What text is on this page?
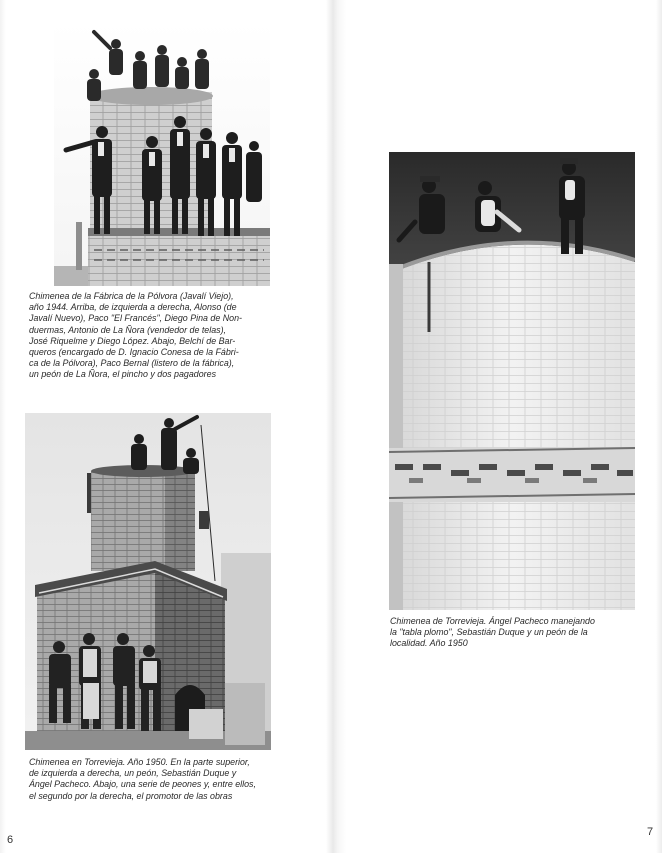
Chimenea de la Fábrica de la Pólvora (Javalí Viejo),
año 1944. Arriba, de izquierda a derecha, Alonso (de
Javalí Nuevo), Paco "El Francés", Diego Pina de Non-
duermas, Antonio de La Ñora (vendedor de telas),
José Riquelme y Diego López. Abajo, Belchí de Bar-
queros (encargado de D. Ignacio Conesa de la Fábri-
ca de la Pólvora), Paco Bernal (listero de la fábrica),
un peón de La Ñora, el pincho y dos pagadores

Chimenea en Torrevieja. Año 1950. En la parte superior,
de izquierda a derecha, un peón, Sebastián Duque y
Ángel Pacheco. Abajo, una serie de peones y, entre ellos,
el segundo por la derecha, el promotor de las obras

6

Chimenea de Torrevieja. Ángel Pacheco manejando
la "tabla plomo", Sebastián Duque y un peón de la
localidad. Año 1950

7
